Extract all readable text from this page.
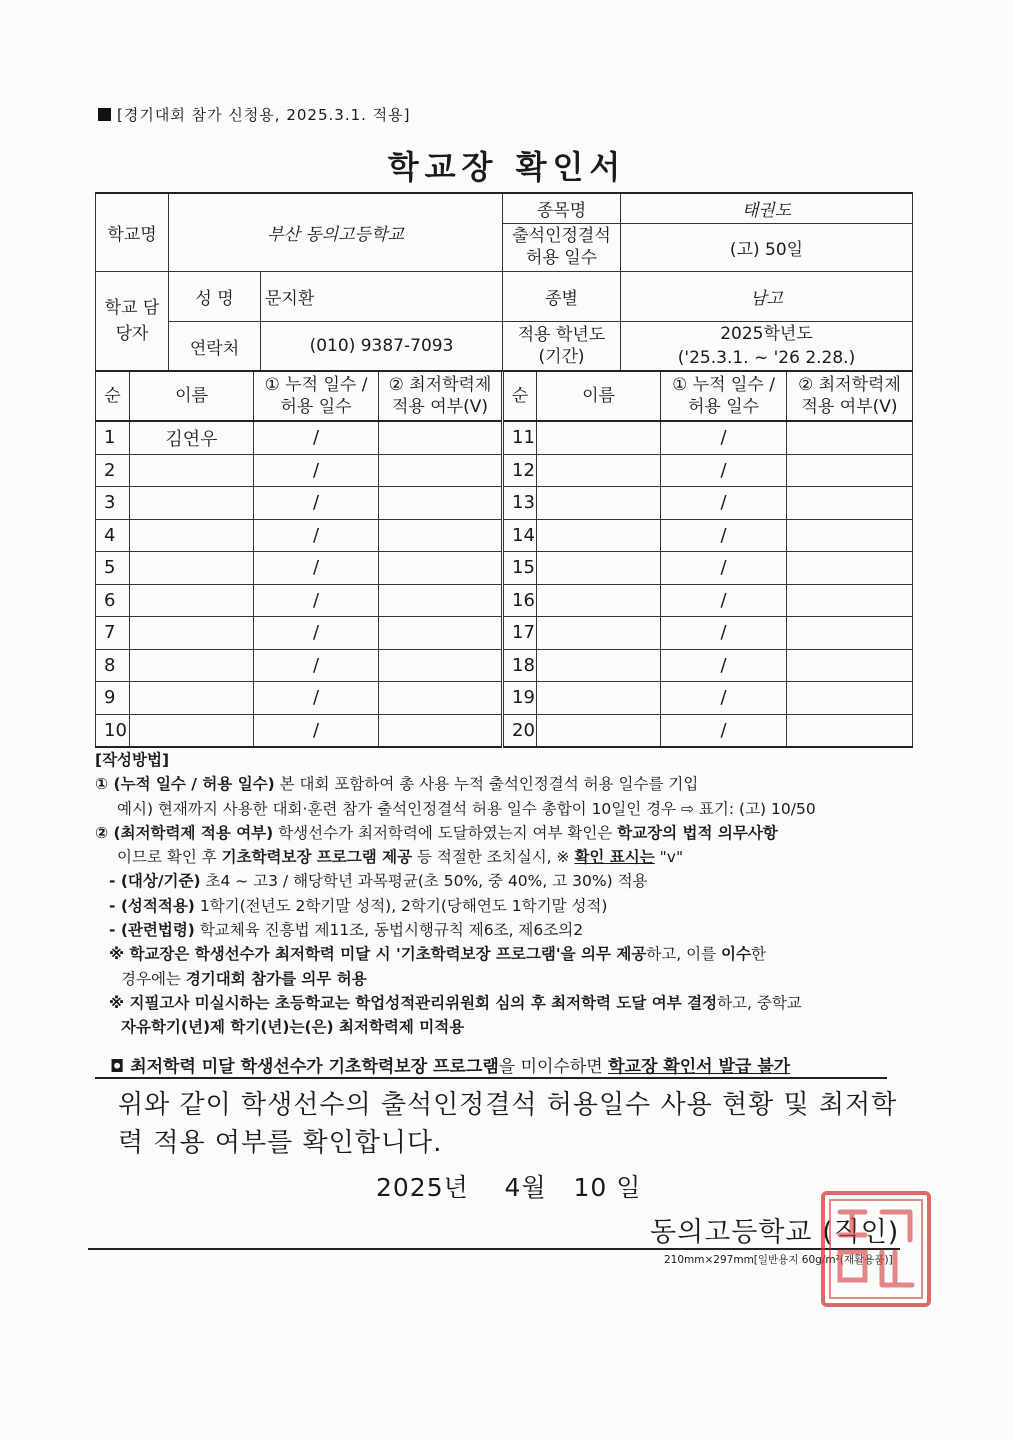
[경기대회 참가 신청용, 2025.3.1. 적용]
학교장 확인서
학교명	부산 동의고등학교		종목명	태권도
			출석인정결석 허용 일수	(고) 50일
학교 담당자	성 명	문지환	종별	남고
	연락처	(010) 9387-7093	적용 학년도 (기간)	2025학년도
('25.3.1. ~ '26 2.28.)
순	이름	① 누적 일수 / 허용 일수	② 최저학력제 적용 여부(V)	순	이름	① 누적 일수 / 허용 일수	② 최저학력제 적용 여부(V)
1	김연우	/		11		/	
2		/		12		/	
3		/		13		/	
4		/		14		/	
5		/		15		/	
6		/		16		/	
7		/		17		/	
8		/		18		/	
9		/		19		/	
10		/		20		/	
[작성방법]
① (누적 일수 / 허용 일수) 본 대회 포함하여 총 사용 누적 출석인정결석 허용 일수를 기입
예시) 현재까지 사용한 대회·훈련 참가 출석인정결석 허용 일수 총합이 10일인 경우 ⇨ 표기: (고) 10/50
② (최저학력제 적용 여부) 학생선수가 최저학력에 도달하였는지 여부 확인은 학교장의 법적 의무사항
이므로 확인 후 기초학력보장 프로그램 제공 등 적절한 조치실시, ※ 확인 표시는 "v"
- (대상/기준) 초4 ~ 고3 / 해당학년 과목평균(초 50%, 중 40%, 고 30%) 적용
- (성적적용) 1학기(전년도 2학기말 성적), 2학기(당해연도 1학기말 성적)
- (관련법령) 학교체육 진흥법 제11조, 동법시행규칙 제6조, 제6조의2
※ 학교장은 학생선수가 최저학력 미달 시 '기초학력보장 프로그램'을 의무 제공하고, 이를 이수한
경우에는 경기대회 참가를 의무 허용
※ 지필고사 미실시하는 초등학교는 학업성적관리위원회 심의 후 최저학력 도달 여부 결정하고, 중학교
자유학기(년)제 학기(년)는(은) 최저학력제 미적용
◘ 최저학력 미달 학생선수가 기초학력보장 프로그램을 미이수하면 학교장 확인서 발급 불가
위와 같이 학생선수의 출석인정결석 허용일수 사용 현황 및 최저학력 적용 여부를 확인합니다.
2025년    4월   10 일
동의고등학교 (직인)
210mm×297mm[일반용지 60g/m²(재활용품)]
